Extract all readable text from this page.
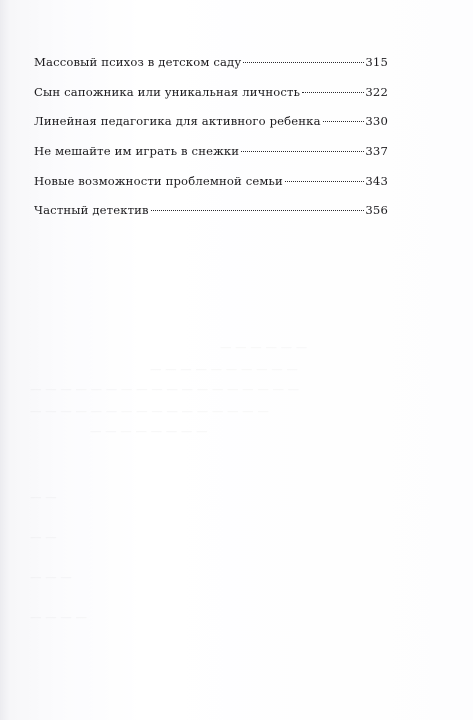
Массовый психоз в детском саду	315
Сын сапожника или уникальная личность	322
Линейная педагогика для активного ребенка	330
Не мешайте им играть в снежки	337
Новые возможности проблемной семьи	343
Частный детектив	356
